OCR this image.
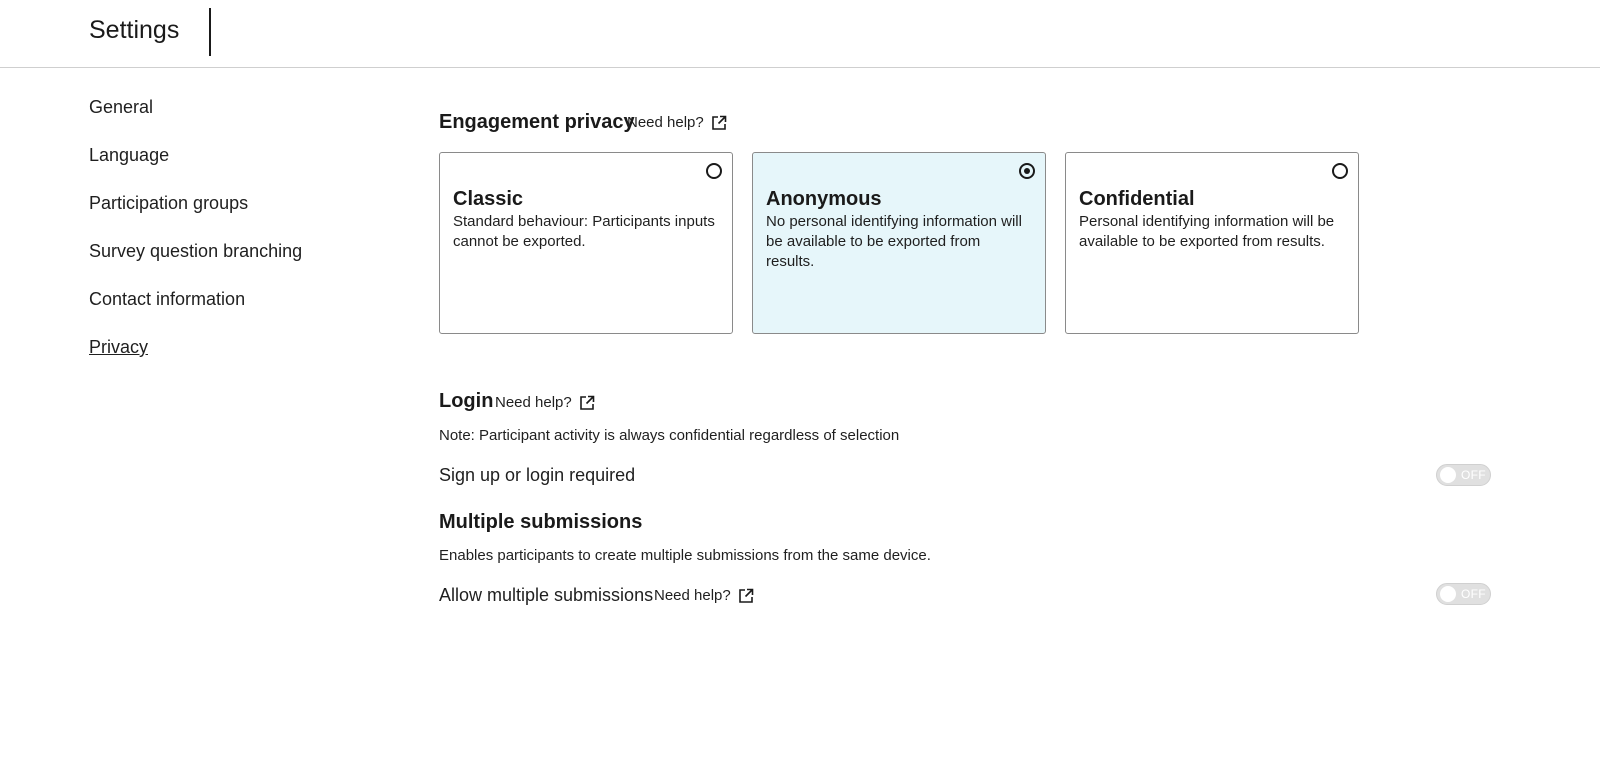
Settings
General
Language
Participation groups
Survey question branching
Contact information
Privacy
Engagement privacy
Need help?
Classic
Standard behaviour: Participants inputs cannot be exported.
Anonymous
No personal identifying information will be available to be exported from results.
Confidential
Personal identifying information will be available to be exported from results.
Login Need help?
Note: Participant activity is always confidential regardless of selection
Sign up or login required	OFF
Multiple submissions
Enables participants to create multiple submissions from the same device.
Allow multiple submissions Need help?	OFF
